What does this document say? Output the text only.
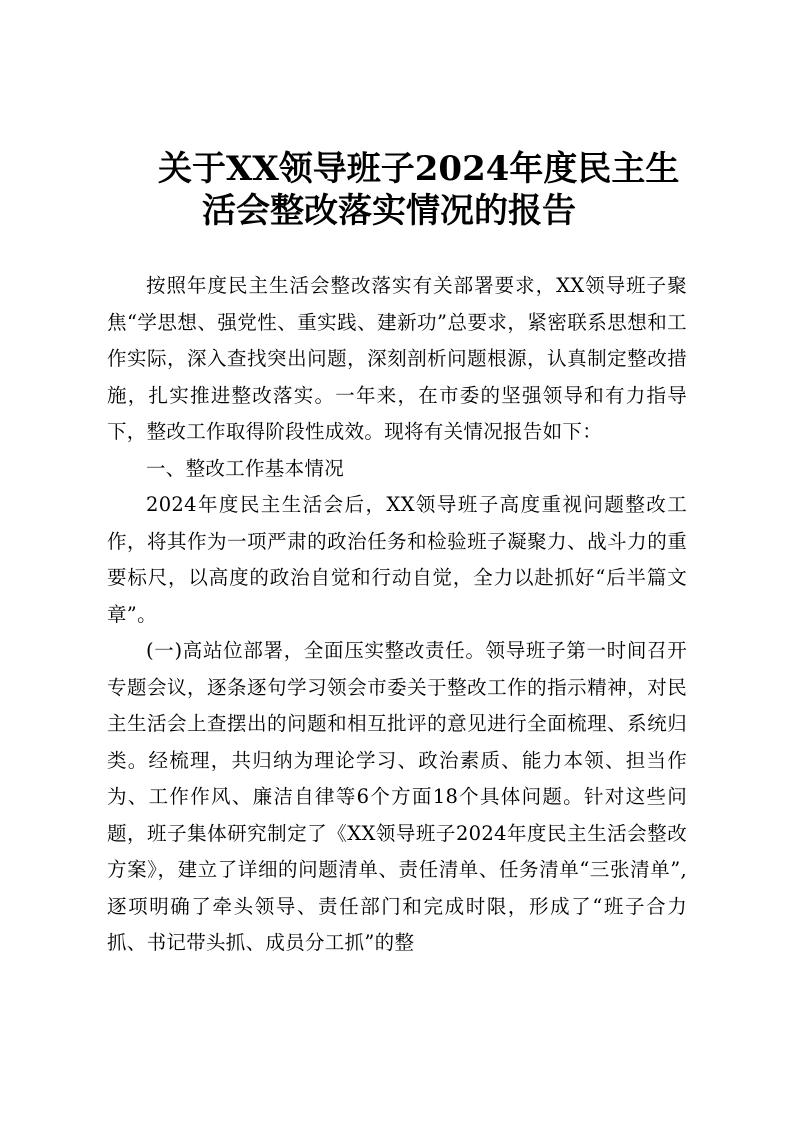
关于XX领导班子2024年度民主生
活会整改落实情况的报告

按照年度民主生活会整改落实有关部署要求，XX领导班子聚焦“学思想、强党性、重实践、建新功”总要求，紧密联系思想和工作实际，深入查找突出问题，深刻剖析问题根源，认真制定整改措施，扎实推进整改落实。一年来，在市委的坚强领导和有力指导下，整改工作取得阶段性成效。现将有关情况报告如下：

一、整改工作基本情况

2024年度民主生活会后，XX领导班子高度重视问题整改工作，将其作为一项严肃的政治任务和检验班子凝聚力、战斗力的重要标尺，以高度的政治自觉和行动自觉，全力以赴抓好“后半篇文章”。

(一)高站位部署，全面压实整改责任。领导班子第一时间召开专题会议，逐条逐句学习领会市委关于整改工作的指示精神，对民主生活会上查摆出的问题和相互批评的意见进行全面梳理、系统归类。经梳理，共归纳为理论学习、政治素质、能力本领、担当作为、工作作风、廉洁自律等6个方面18个具体问题。针对这些问题，班子集体研究制定了《XX领导班子2024年度民主生活会整改方案》，建立了详细的问题清单、责任清单、任务清单“三张清单”,逐项明确了牵头领导、责任部门和完成时限，形成了“班子合力抓、书记带头抓、成员分工抓”的整
